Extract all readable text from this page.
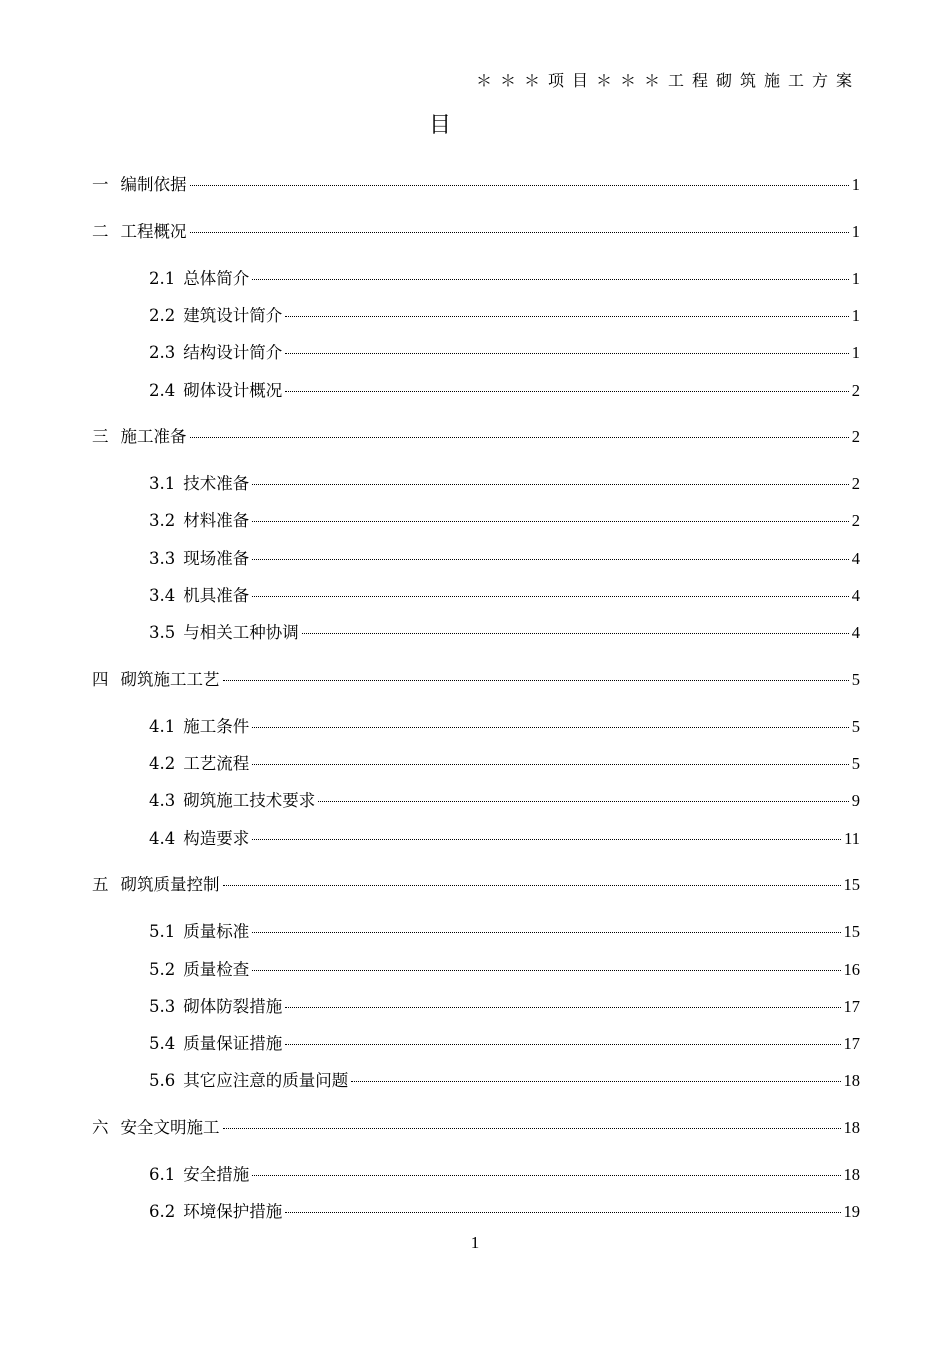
＊＊＊项目＊＊＊工程砌筑施工方案
目
一 编制依据	1
二 工程概况	1
2.1 总体简介	1
2.2 建筑设计简介	1
2.3 结构设计简介	1
2.4 砌体设计概况	2
三 施工准备	2
3.1 技术准备	2
3.2 材料准备	2
3.3 现场准备	4
3.4 机具准备	4
3.5 与相关工种协调	4
四 砌筑施工工艺	5
4.1 施工条件	5
4.2 工艺流程	5
4.3 砌筑施工技术要求	9
4.4 构造要求	11
五 砌筑质量控制	15
5.1 质量标准	15
5.2 质量检查	16
5.3 砌体防裂措施	17
5.4 质量保证措施	17
5.6 其它应注意的质量问题	18
六 安全文明施工	18
6.1 安全措施	18
6.2 环境保护措施	19
1
